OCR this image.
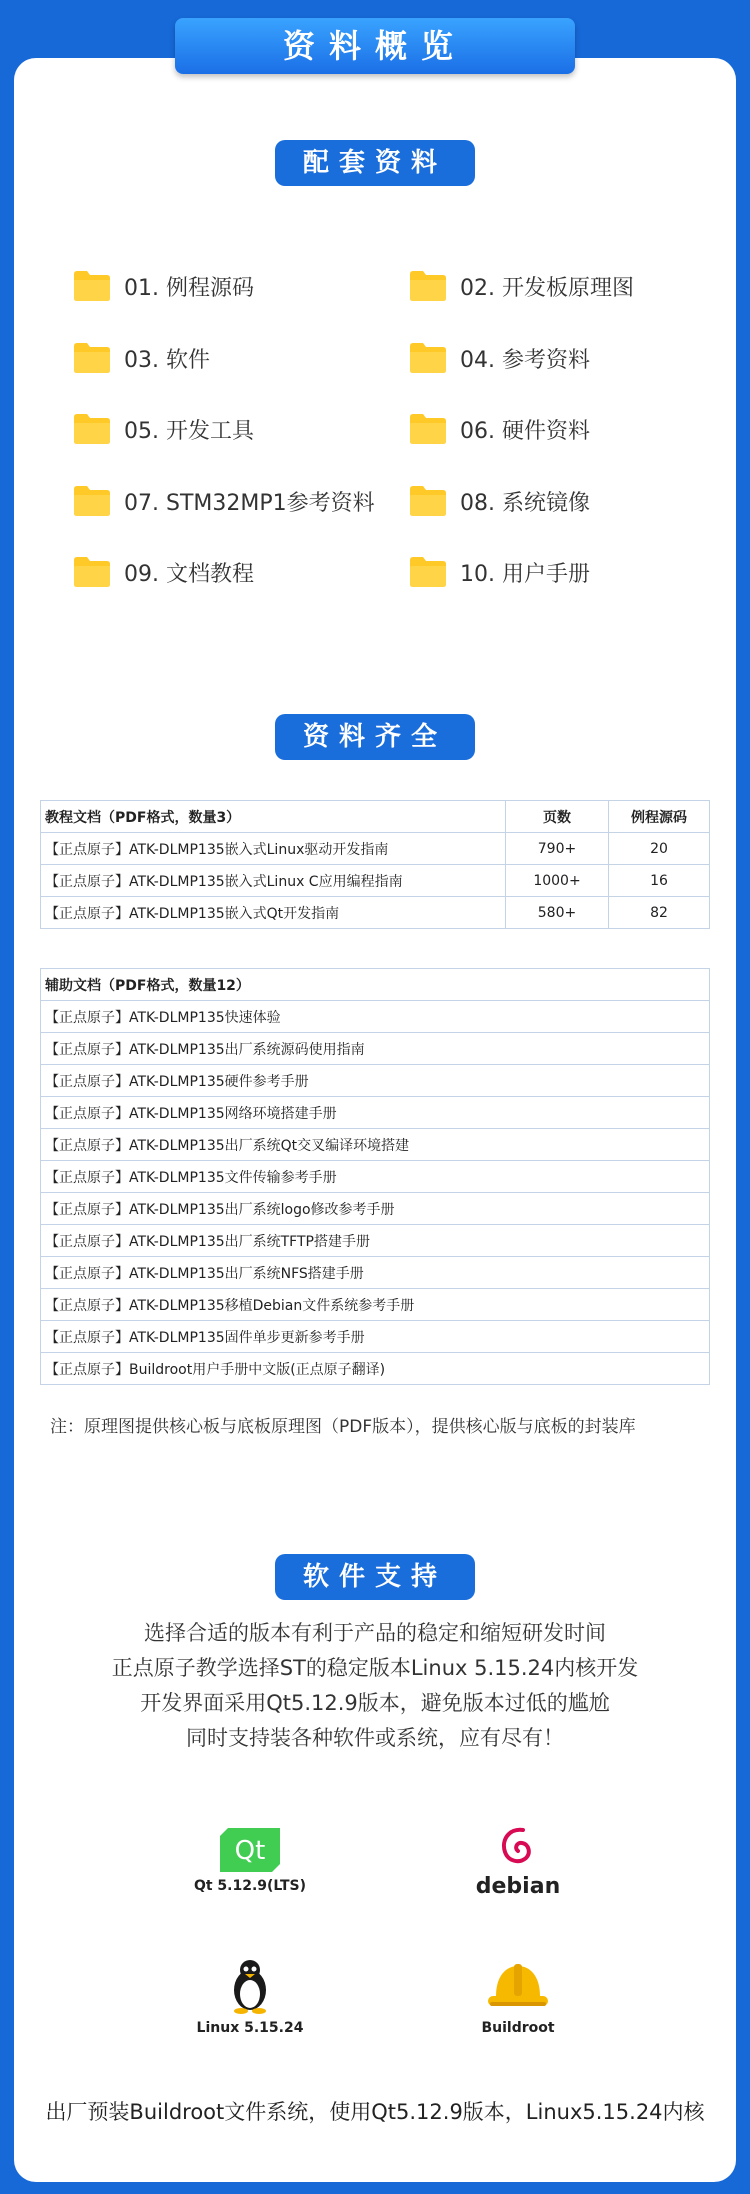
资料概览
配套资料
01. 例程源码	02. 开发板原理图
03. 软件	04. 参考资料
05. 开发工具	06. 硬件资料
07. STM32MP1参考资料	08. 系统镜像
09. 文档教程	10. 用户手册
资料齐全
教程文档（PDF格式，数量3）	页数	例程源码
【正点原子】ATK-DLMP135嵌入式Linux驱动开发指南	790+	20
【正点原子】ATK-DLMP135嵌入式Linux C应用编程指南	1000+	16
【正点原子】ATK-DLMP135嵌入式Qt开发指南	580+	82
辅助文档（PDF格式，数量12）
【正点原子】ATK-DLMP135快速体验
【正点原子】ATK-DLMP135出厂系统源码使用指南
【正点原子】ATK-DLMP135硬件参考手册
【正点原子】ATK-DLMP135网络环境搭建手册
【正点原子】ATK-DLMP135出厂系统Qt交叉编译环境搭建
【正点原子】ATK-DLMP135文件传输参考手册
【正点原子】ATK-DLMP135出厂系统logo修改参考手册
【正点原子】ATK-DLMP135出厂系统TFTP搭建手册
【正点原子】ATK-DLMP135出厂系统NFS搭建手册
【正点原子】ATK-DLMP135移植Debian文件系统参考手册
【正点原子】ATK-DLMP135固件单步更新参考手册
【正点原子】Buildroot用户手册中文版(正点原子翻译)
注：原理图提供核心板与底板原理图（PDF版本），提供核心版与底板的封装库
软件支持
选择合适的版本有利于产品的稳定和缩短研发时间
正点原子教学选择ST的稳定版本Linux 5.15.24内核开发
开发界面采用Qt5.12.9版本，避免版本过低的尴尬
同时支持装各种软件或系统，应有尽有！
Qt
Qt 5.12.9(LTS)	debian
Linux 5.15.24	Buildroot
出厂预装Buildroot文件系统，使用Qt5.12.9版本，Linux5.15.24内核
